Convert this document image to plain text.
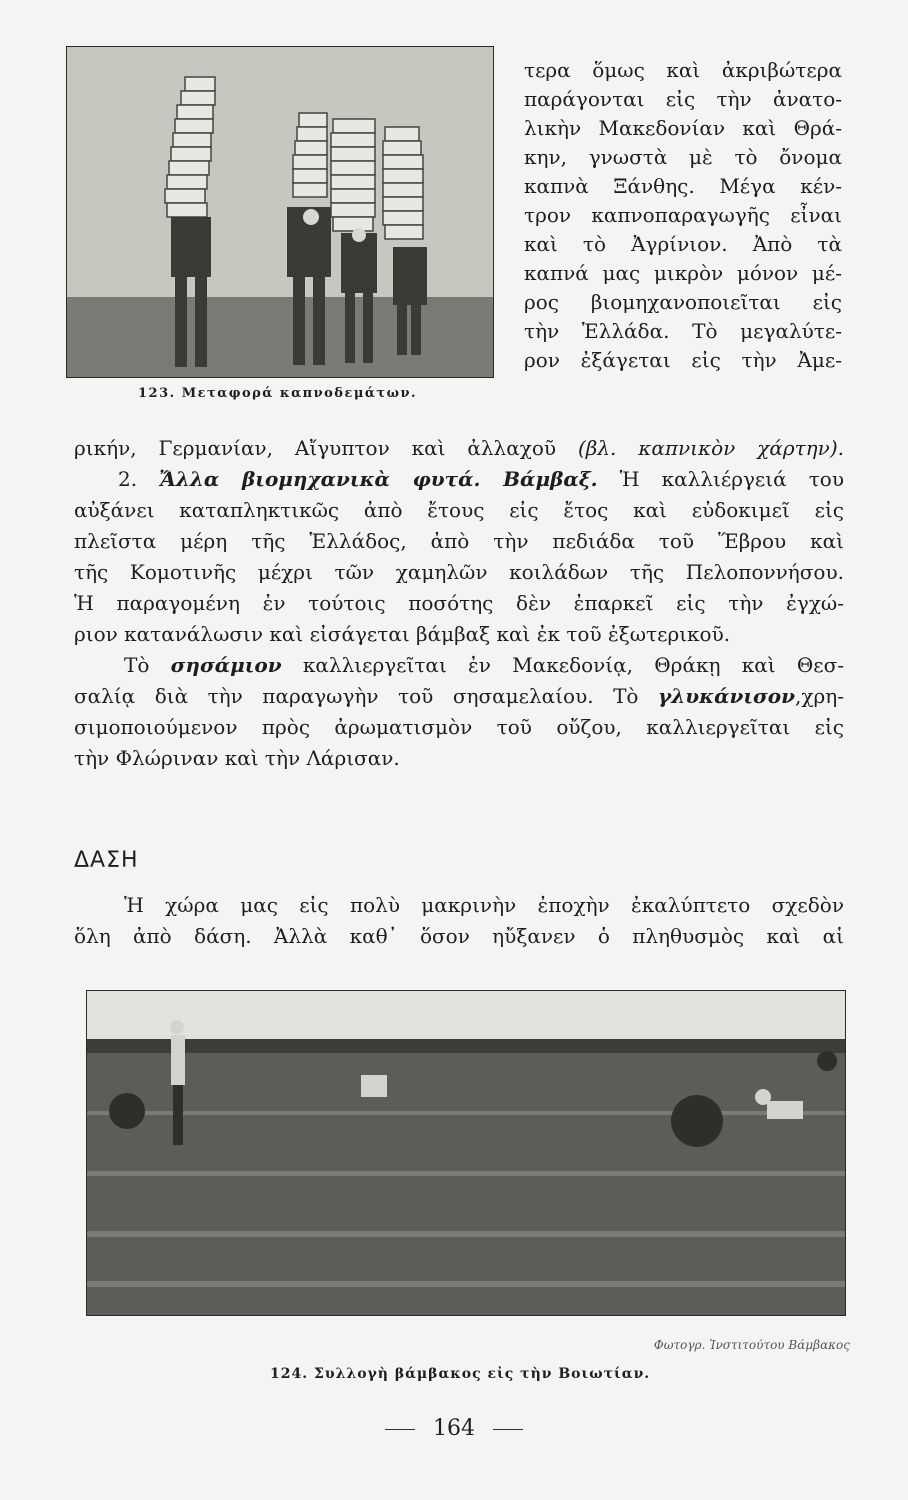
123. Μεταφορά καπνοδεμάτων.

τερα ὅμως καὶ ἀκριβώτερα

παράγονται εἰς τὴν ἀνατο-

λικὴν Μακεδονίαν καὶ Θρά-

κην, γνωστὰ μὲ τὸ ὄνομα

καπνὰ Ξάνθης. Μέγα κέν-

τρον καπνοπαραγωγῆς εἶναι

καὶ τὸ Ἀγρίνιον. Ἀπὸ τὰ

καπνά μας μικρὸν μόνον μέ-

ρος βιομηχανοποιεῖται εἰς

τὴν Ἑλλάδα. Τὸ μεγαλύτε-

ρον ἐξάγεται εἰς τὴν Ἀμε-

ρικήν, Γερμανίαν, Αἴγυπτον καὶ ἀλλαχοῦ (βλ. καπνικὸν χάρτην).
2. Ἄλλα βιομηχανικὰ φυτά. Βάμβαξ. Ἡ καλλιέργειά του
αὐξάνει καταπληκτικῶς ἀπὸ ἔτους εἰς ἔτος καὶ εὐδοκιμεῖ εἰς
πλεῖστα μέρη τῆς Ἑλλάδος, ἀπὸ τὴν πεδιάδα τοῦ Ἕβρου καὶ
τῆς Κομοτινῆς μέχρι τῶν χαμηλῶν κοιλάδων τῆς Πελοποννήσου.
Ἡ παραγομένη ἐν τούτοις ποσότης δὲν ἐπαρκεῖ εἰς τὴν ἐγχώ-
ριον κατανάλωσιν καὶ εἰσάγεται βάμβαξ καὶ ἐκ τοῦ ἐξωτερικοῦ.
Τὸ σησάμιον καλλιεργεῖται ἐν Μακεδονίᾳ, Θράκῃ καὶ Θεσ-
σαλίᾳ διὰ τὴν παραγωγὴν τοῦ σησαμελαίου. Τὸ γλυκάνισον,χρη-
σιμοποιούμενον πρὸς ἀρωματισμὸν τοῦ οὔζου, καλλιεργεῖται εἰς
τὴν Φλώριναν καὶ τὴν Λάρισαν.
ΔΑΣΗ
Ἡ χώρα μας εἰς πολὺ μακρινὴν ἐποχὴν ἐκαλύπτετο σχεδὸν
ὅλη ἀπὸ δάση. Ἀλλὰ καθ᾽ ὅσον ηὔξανεν ὁ πληθυσμὸς καὶ αἱ
Φωτογρ. Ἰνστιτούτου Βάμβακος
124. Συλλογὴ βάμβακος εἰς τὴν Βοιωτίαν.
164
